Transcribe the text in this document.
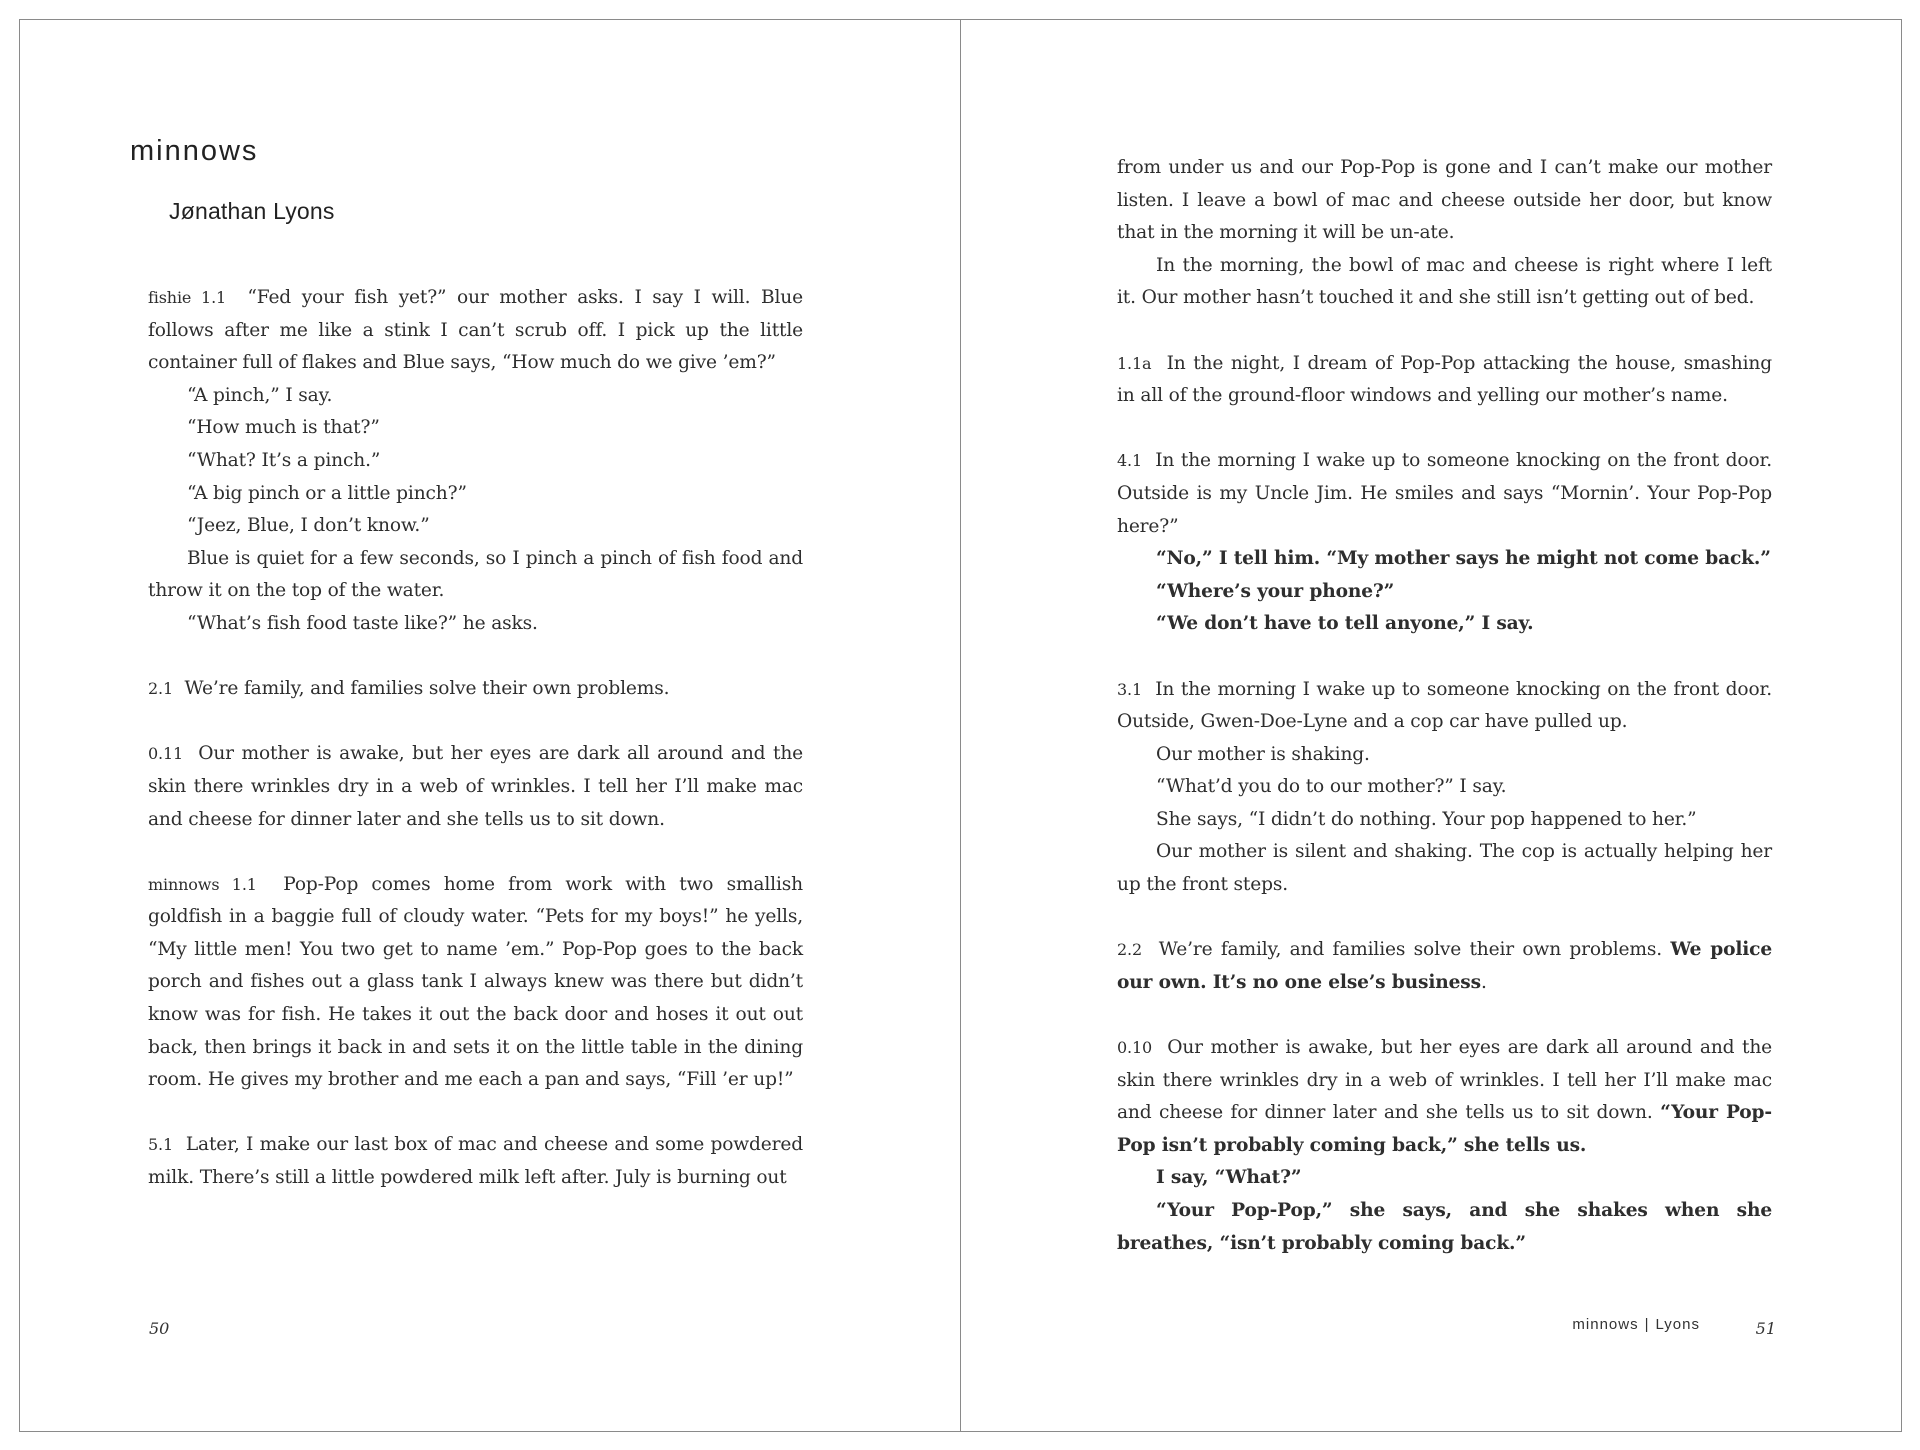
minnows
Jønathan Lyons

fishie 1.1 “Fed your fish yet?” our mother asks. I say I will. Blue follows after me like a stink I can’t scrub off. I pick up the little container full of flakes and Blue says, “How much do we give ’em?”

“A pinch,” I say.

“How much is that?”

“What? It’s a pinch.”

“A big pinch or a little pinch?”

“Jeez, Blue, I don’t know.”

Blue is quiet for a few seconds, so I pinch a pinch of fish food and throw it on the top of the water.

“What’s fish food taste like?” he asks.

2.1 We’re family, and families solve their own problems.

0.11 Our mother is awake, but her eyes are dark all around and the skin there wrinkles dry in a web of wrinkles. I tell her I’ll make mac and cheese for dinner later and she tells us to sit down.

minnows 1.1 Pop-Pop comes home from work with two smallish goldfish in a baggie full of cloudy water. “Pets for my boys!” he yells, “My little men! You two get to name ’em.” Pop-Pop goes to the back porch and fishes out a glass tank I always knew was there but didn’t know was for fish. He takes it out the back door and hoses it out out back, then brings it back in and sets it on the little table in the dining room. He gives my brother and me each a pan and says, “Fill ’er up!”

5.1 Later, I make our last box of mac and cheese and some powdered milk. There’s still a little powdered milk left after. July is burning out

from under us and our Pop-Pop is gone and I can’t make our mother listen. I leave a bowl of mac and cheese outside her door, but know that in the morning it will be un-ate.

In the morning, the bowl of mac and cheese is right where I left it. Our mother hasn’t touched it and she still isn’t getting out of bed.

1.1a In the night, I dream of Pop-Pop attacking the house, smashing in all of the ground-floor windows and yelling our mother’s name.

4.1 In the morning I wake up to someone knocking on the front door. Outside is my Uncle Jim. He smiles and says “Mornin’. Your Pop-Pop here?”

“No,” I tell him. “My mother says he might not come back.”

“Where’s your phone?”

“We don’t have to tell anyone,” I say.

3.1 In the morning I wake up to someone knocking on the front door. Outside, Gwen-Doe-Lyne and a cop car have pulled up.

Our mother is shaking.

“What’d you do to our mother?” I say.

She says, “I didn’t do nothing. Your pop happened to her.”

Our mother is silent and shaking. The cop is actually helping her up the front steps.

2.2 We’re family, and families solve their own problems. We police our own. It’s no one else’s business.

0.10 Our mother is awake, but her eyes are dark all around and the skin there wrinkles dry in a web of wrinkles. I tell her I’ll make mac and cheese for dinner later and she tells us to sit down. “Your Pop-Pop isn’t probably coming back,” she tells us.

I say, “What?”

“Your Pop-Pop,” she says, and she shakes when she breathes, “isn’t probably coming back.”

50	minnows | Lyons	51
